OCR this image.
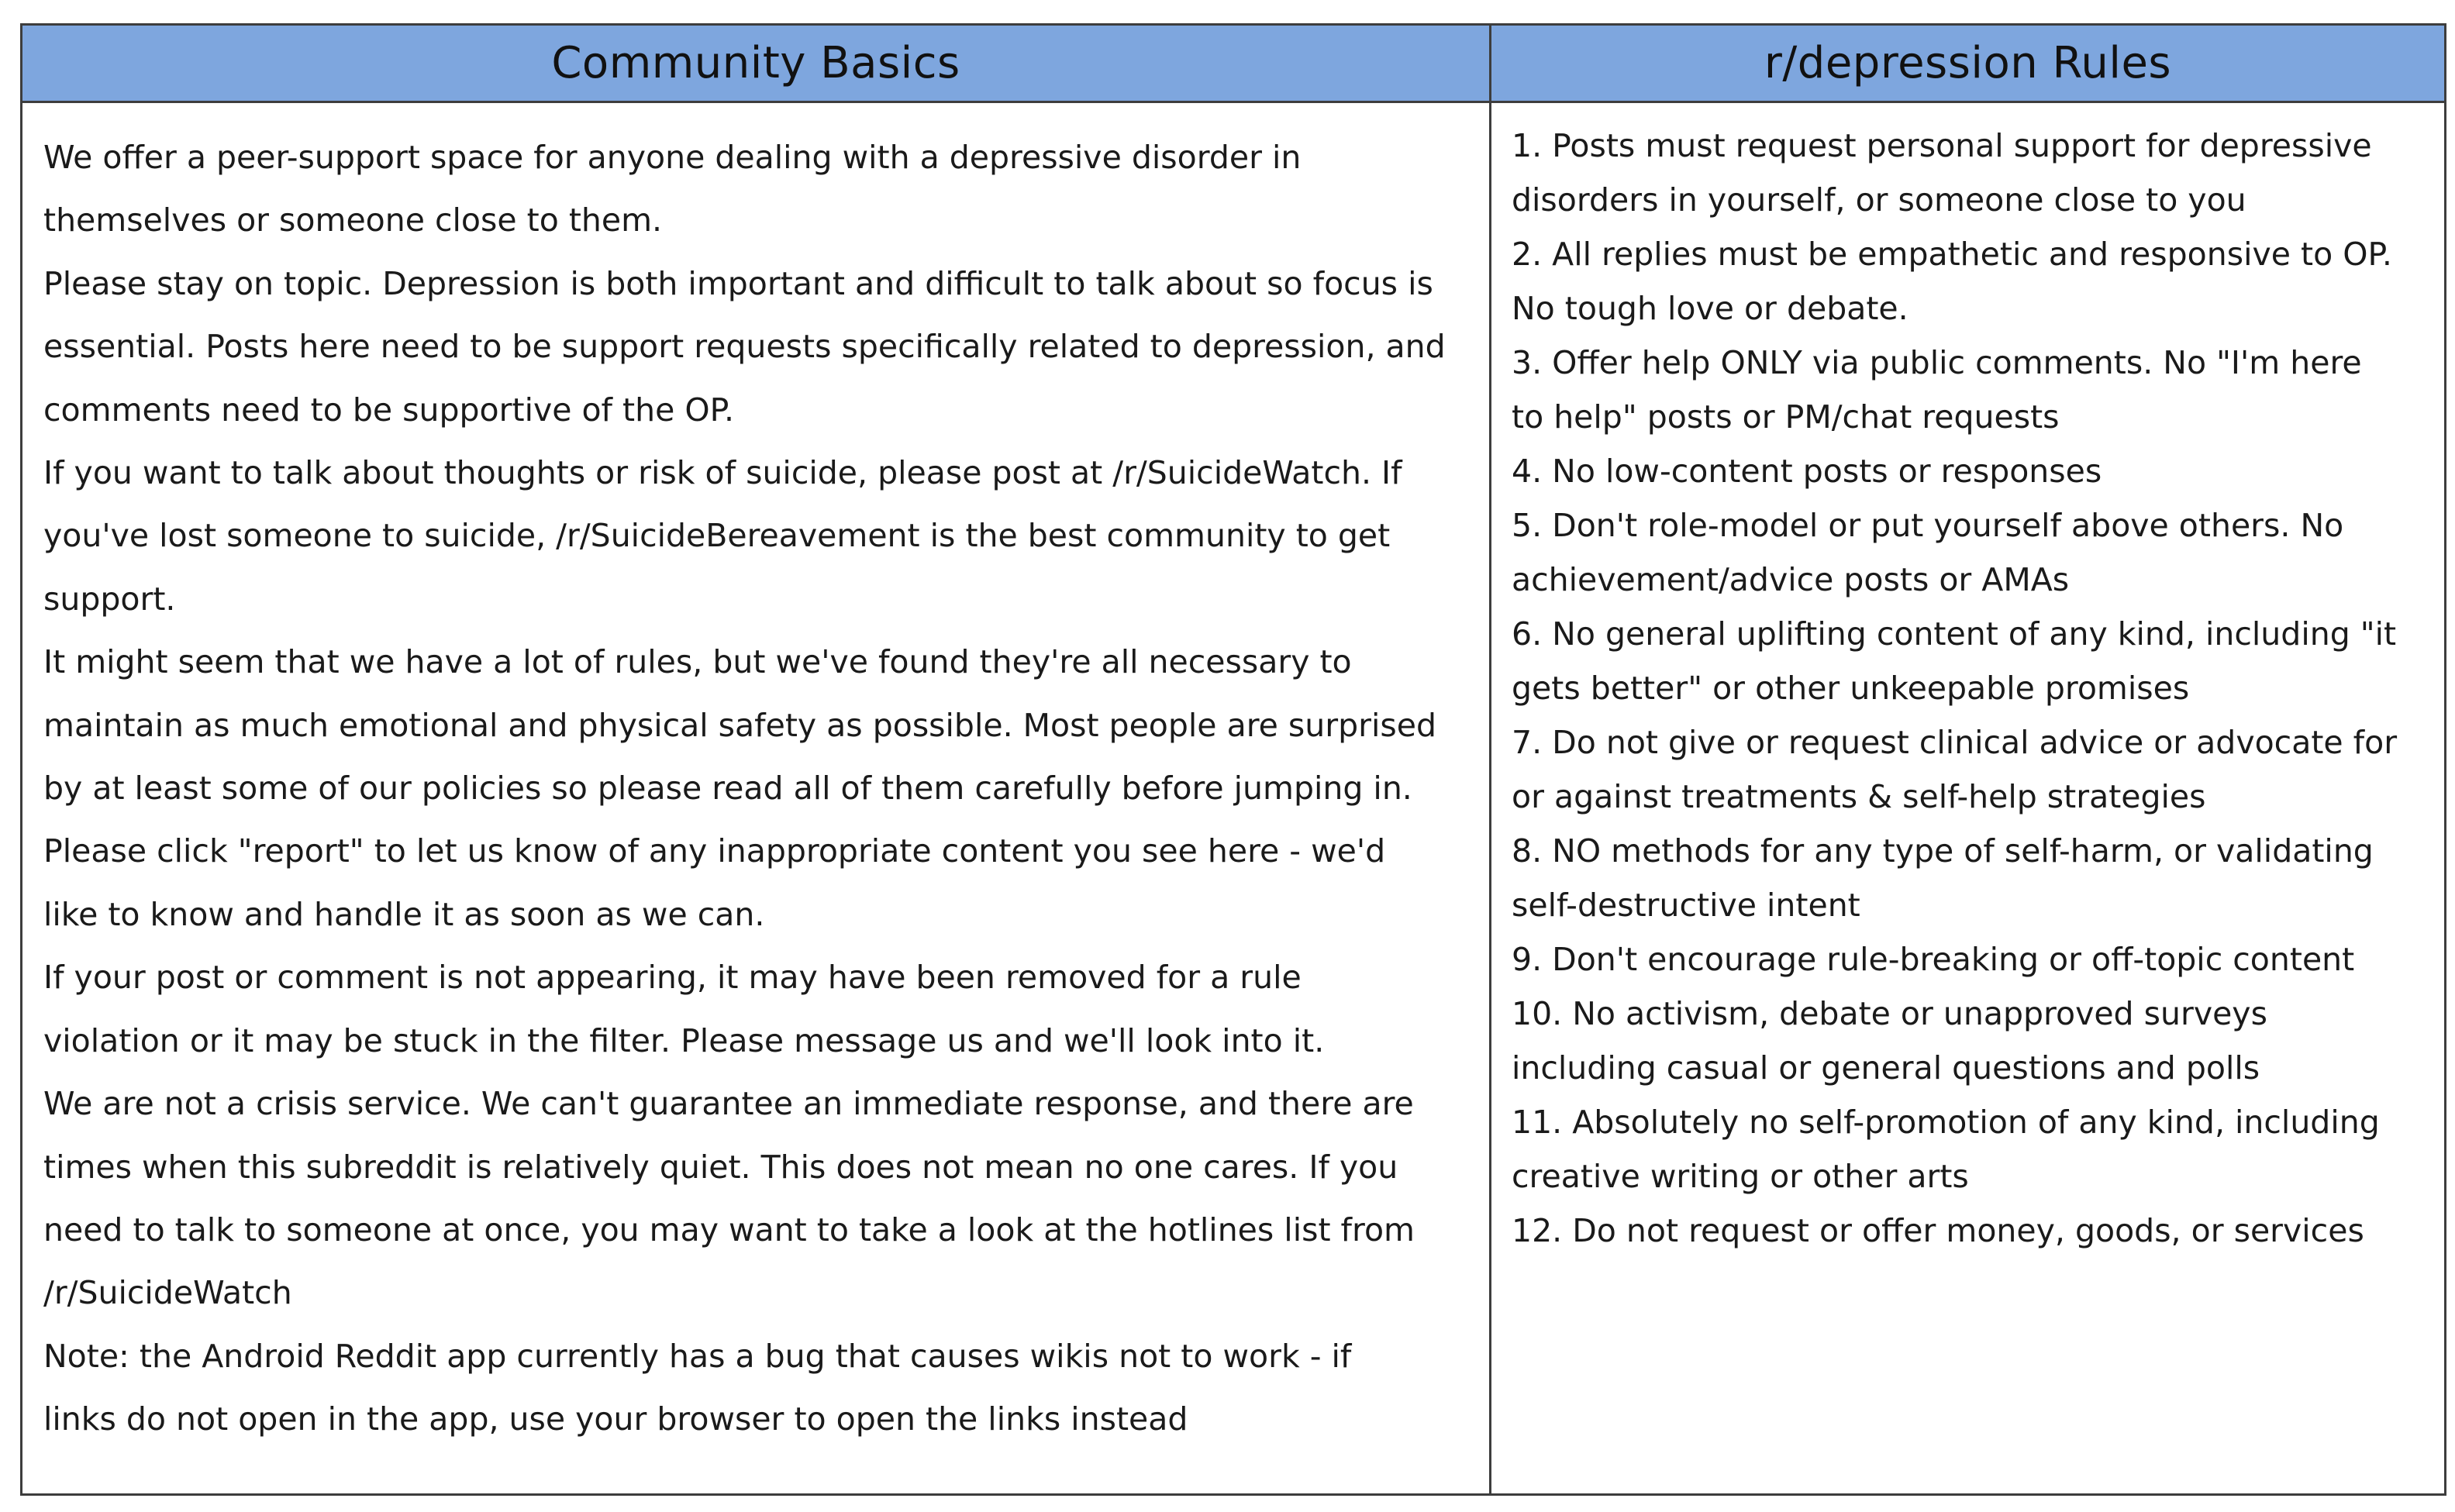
Community Basics	r/depression Rules

We offer a peer-support space for anyone dealing with a depressive disorder in
themselves or someone close to them.

Please stay on topic. Depression is both important and difficult to talk about so focus is
essential. Posts here need to be support requests specifically related to depression, and
comments need to be supportive of the OP.

If you want to talk about thoughts or risk of suicide, please post at /r/SuicideWatch. If
you've lost someone to suicide, /r/SuicideBereavement is the best community to get
support.

It might seem that we have a lot of rules, but we've found they're all necessary to
maintain as much emotional and physical safety as possible. Most people are surprised
by at least some of our policies so please read all of them carefully before jumping in.

Please click "report" to let us know of any inappropriate content you see here - we'd
like to know and handle it as soon as we can.

If your post or comment is not appearing, it may have been removed for a rule
violation or it may be stuck in the filter. Please message us and we'll look into it.

We are not a crisis service. We can't guarantee an immediate response, and there are
times when this subreddit is relatively quiet. This does not mean no one cares. If you
need to talk to someone at once, you may want to take a look at the hotlines list from
/r/SuicideWatch

Note: the Android Reddit app currently has a bug that causes wikis not to work - if
links do not open in the app, use your browser to open the links instead

1. Posts must request personal support for depressive
disorders in yourself, or someone close to you

2. All replies must be empathetic and responsive to OP.
No tough love or debate.

3. Offer help ONLY via public comments. No "I'm here
to help" posts or PM/chat requests

4. No low-content posts or responses

5. Don't role-model or put yourself above others. No
achievement/advice posts or AMAs

6. No general uplifting content of any kind, including "it
gets better" or other unkeepable promises

7. Do not give or request clinical advice or advocate for
or against treatments & self-help strategies

8. NO methods for any type of self-harm, or validating
self-destructive intent

9. Don't encourage rule-breaking or off-topic content

10. No activism, debate or unapproved surveys
including casual or general questions and polls

11. Absolutely no self-promotion of any kind, including
creative writing or other arts

12. Do not request or offer money, goods, or services
